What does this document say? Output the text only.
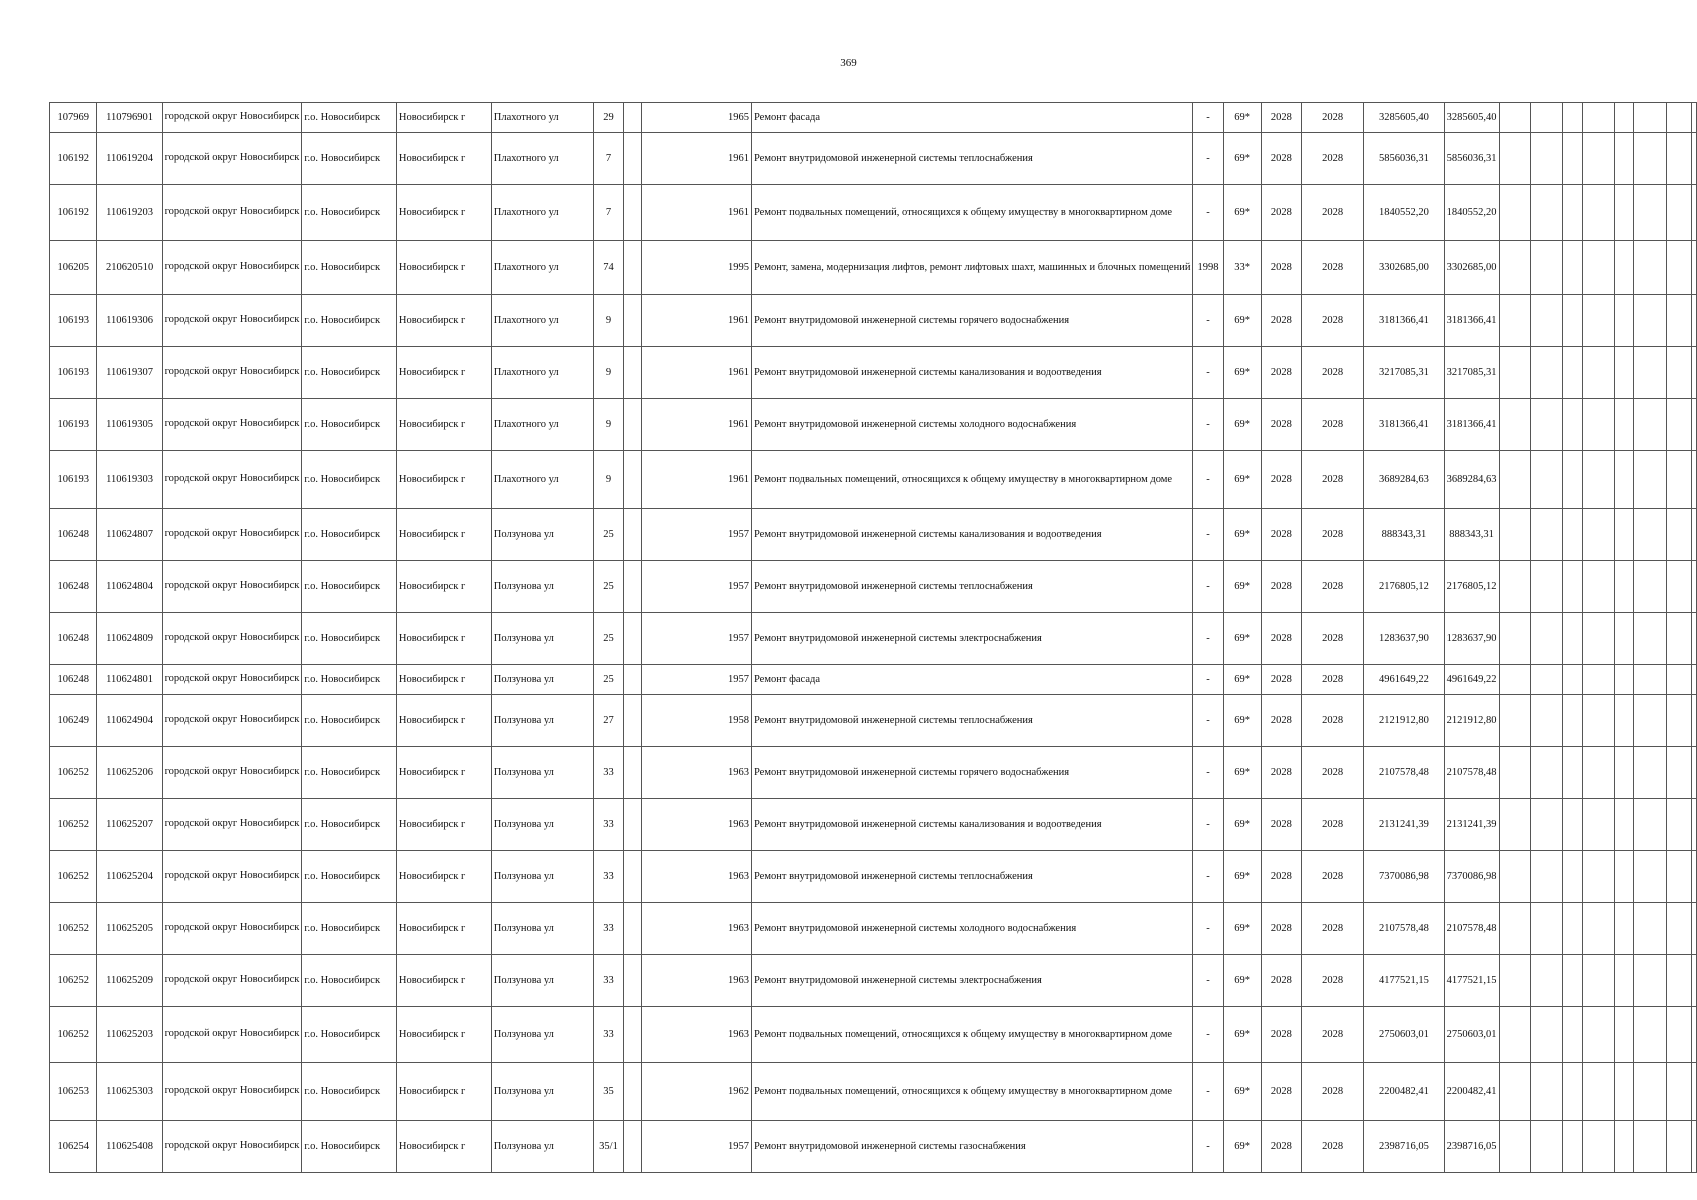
369
107969	110796901	городской округ Новосибирск	г.о. Новосибирск	Новосибирск г	Плахотного ул	29		1965	Ремонт фасада	-	69*	2028	2028	3285605,40	3285605,40								
106192	110619204	городской округ Новосибирск	г.о. Новосибирск	Новосибирск г	Плахотного ул	7		1961	Ремонт внутридомовой инженерной системы теплоснабжения	-	69*	2028	2028	5856036,31	5856036,31								
106192	110619203	городской округ Новосибирск	г.о. Новосибирск	Новосибирск г	Плахотного ул	7		1961	Ремонт подвальных помещений, относящихся к общему имуществу в многоквартирном доме	-	69*	2028	2028	1840552,20	1840552,20								
106205	210620510	городской округ Новосибирск	г.о. Новосибирск	Новосибирск г	Плахотного ул	74		1995	Ремонт, замена, модернизация лифтов, ремонт лифтовых шахт, машинных и блочных помещений	1998	33*	2028	2028	3302685,00	3302685,00								
106193	110619306	городской округ Новосибирск	г.о. Новосибирск	Новосибирск г	Плахотного ул	9		1961	Ремонт внутридомовой инженерной системы горячего водоснабжения	-	69*	2028	2028	3181366,41	3181366,41								
106193	110619307	городской округ Новосибирск	г.о. Новосибирск	Новосибирск г	Плахотного ул	9		1961	Ремонт внутридомовой инженерной системы канализования и водоотведения	-	69*	2028	2028	3217085,31	3217085,31								
106193	110619305	городской округ Новосибирск	г.о. Новосибирск	Новосибирск г	Плахотного ул	9		1961	Ремонт внутридомовой инженерной системы холодного водоснабжения	-	69*	2028	2028	3181366,41	3181366,41								
106193	110619303	городской округ Новосибирск	г.о. Новосибирск	Новосибирск г	Плахотного ул	9		1961	Ремонт подвальных помещений, относящихся к общему имуществу в многоквартирном доме	-	69*	2028	2028	3689284,63	3689284,63								
106248	110624807	городской округ Новосибирск	г.о. Новосибирск	Новосибирск г	Ползунова ул	25		1957	Ремонт внутридомовой инженерной системы канализования и водоотведения	-	69*	2028	2028	888343,31	888343,31								
106248	110624804	городской округ Новосибирск	г.о. Новосибирск	Новосибирск г	Ползунова ул	25		1957	Ремонт внутридомовой инженерной системы теплоснабжения	-	69*	2028	2028	2176805,12	2176805,12								
106248	110624809	городской округ Новосибирск	г.о. Новосибирск	Новосибирск г	Ползунова ул	25		1957	Ремонт внутридомовой инженерной системы электроснабжения	-	69*	2028	2028	1283637,90	1283637,90								
106248	110624801	городской округ Новосибирск	г.о. Новосибирск	Новосибирск г	Ползунова ул	25		1957	Ремонт фасада	-	69*	2028	2028	4961649,22	4961649,22								
106249	110624904	городской округ Новосибирск	г.о. Новосибирск	Новосибирск г	Ползунова ул	27		1958	Ремонт внутридомовой инженерной системы теплоснабжения	-	69*	2028	2028	2121912,80	2121912,80								
106252	110625206	городской округ Новосибирск	г.о. Новосибирск	Новосибирск г	Ползунова ул	33		1963	Ремонт внутридомовой инженерной системы горячего водоснабжения	-	69*	2028	2028	2107578,48	2107578,48								
106252	110625207	городской округ Новосибирск	г.о. Новосибирск	Новосибирск г	Ползунова ул	33		1963	Ремонт внутридомовой инженерной системы канализования и водоотведения	-	69*	2028	2028	2131241,39	2131241,39								
106252	110625204	городской округ Новосибирск	г.о. Новосибирск	Новосибирск г	Ползунова ул	33		1963	Ремонт внутридомовой инженерной системы теплоснабжения	-	69*	2028	2028	7370086,98	7370086,98								
106252	110625205	городской округ Новосибирск	г.о. Новосибирск	Новосибирск г	Ползунова ул	33		1963	Ремонт внутридомовой инженерной системы холодного водоснабжения	-	69*	2028	2028	2107578,48	2107578,48								
106252	110625209	городской округ Новосибирск	г.о. Новосибирск	Новосибирск г	Ползунова ул	33		1963	Ремонт внутридомовой инженерной системы электроснабжения	-	69*	2028	2028	4177521,15	4177521,15								
106252	110625203	городской округ Новосибирск	г.о. Новосибирск	Новосибирск г	Ползунова ул	33		1963	Ремонт подвальных помещений, относящихся к общему имуществу в многоквартирном доме	-	69*	2028	2028	2750603,01	2750603,01								
106253	110625303	городской округ Новосибирск	г.о. Новосибирск	Новосибирск г	Ползунова ул	35		1962	Ремонт подвальных помещений, относящихся к общему имуществу в многоквартирном доме	-	69*	2028	2028	2200482,41	2200482,41								
106254	110625408	городской округ Новосибирск	г.о. Новосибирск	Новосибирск г	Ползунова ул	35/1		1957	Ремонт внутридомовой инженерной системы газоснабжения	-	69*	2028	2028	2398716,05	2398716,05								
